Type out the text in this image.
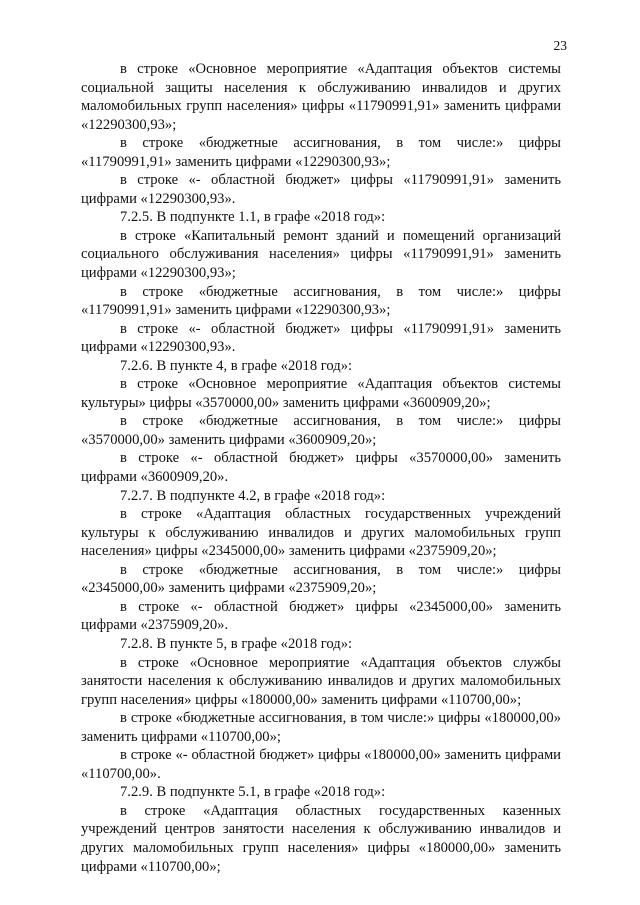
23

в строке «Основное мероприятие «Адаптация объектов системы социальной защиты населения к обслуживанию инвалидов и других маломобильных групп населения» цифры «11790991,91» заменить цифрами «12290300,93»;

в строке «бюджетные ассигнования, в том числе:» цифры «11790991,91» заменить цифрами «12290300,93»;

в строке «- областной бюджет» цифры «11790991,91» заменить цифрами «12290300,93».

7.2.5. В подпункте 1.1, в графе «2018 год»:

в строке «Капитальный ремонт зданий и помещений организаций социального обслуживания населения» цифры «11790991,91» заменить цифрами «12290300,93»;

в строке «бюджетные ассигнования, в том числе:» цифры «11790991,91» заменить цифрами «12290300,93»;

в строке «- областной бюджет» цифры «11790991,91» заменить цифрами «12290300,93».

7.2.6. В пункте 4, в графе «2018 год»:

в строке «Основное мероприятие «Адаптация объектов системы культуры» цифры «3570000,00» заменить цифрами «3600909,20»;

в строке «бюджетные ассигнования, в том числе:» цифры «3570000,00» заменить цифрами «3600909,20»;

в строке «- областной бюджет» цифры «3570000,00» заменить цифрами «3600909,20».

7.2.7. В подпункте 4.2, в графе «2018 год»:

в строке «Адаптация областных государственных учреждений культуры к обслуживанию инвалидов и других маломобильных групп населения» цифры «2345000,00» заменить цифрами «2375909,20»;

в строке «бюджетные ассигнования, в том числе:» цифры «2345000,00» заменить цифрами «2375909,20»;

в строке «- областной бюджет» цифры «2345000,00» заменить цифрами «2375909,20».

7.2.8. В пункте 5, в графе «2018 год»:

в строке «Основное мероприятие «Адаптация объектов службы занятости населения к обслуживанию инвалидов и других маломобильных групп населения» цифры «180000,00» заменить цифрами «110700,00»;

в строке «бюджетные ассигнования, в том числе:» цифры «180000,00» заменить цифрами «110700,00»;

в строке «- областной бюджет» цифры «180000,00» заменить цифрами «110700,00».

7.2.9. В подпункте 5.1, в графе «2018 год»:

в строке «Адаптация областных государственных казенных учреждений центров занятости населения к обслуживанию инвалидов и других маломобильных групп населения» цифры «180000,00» заменить цифрами «110700,00»;
